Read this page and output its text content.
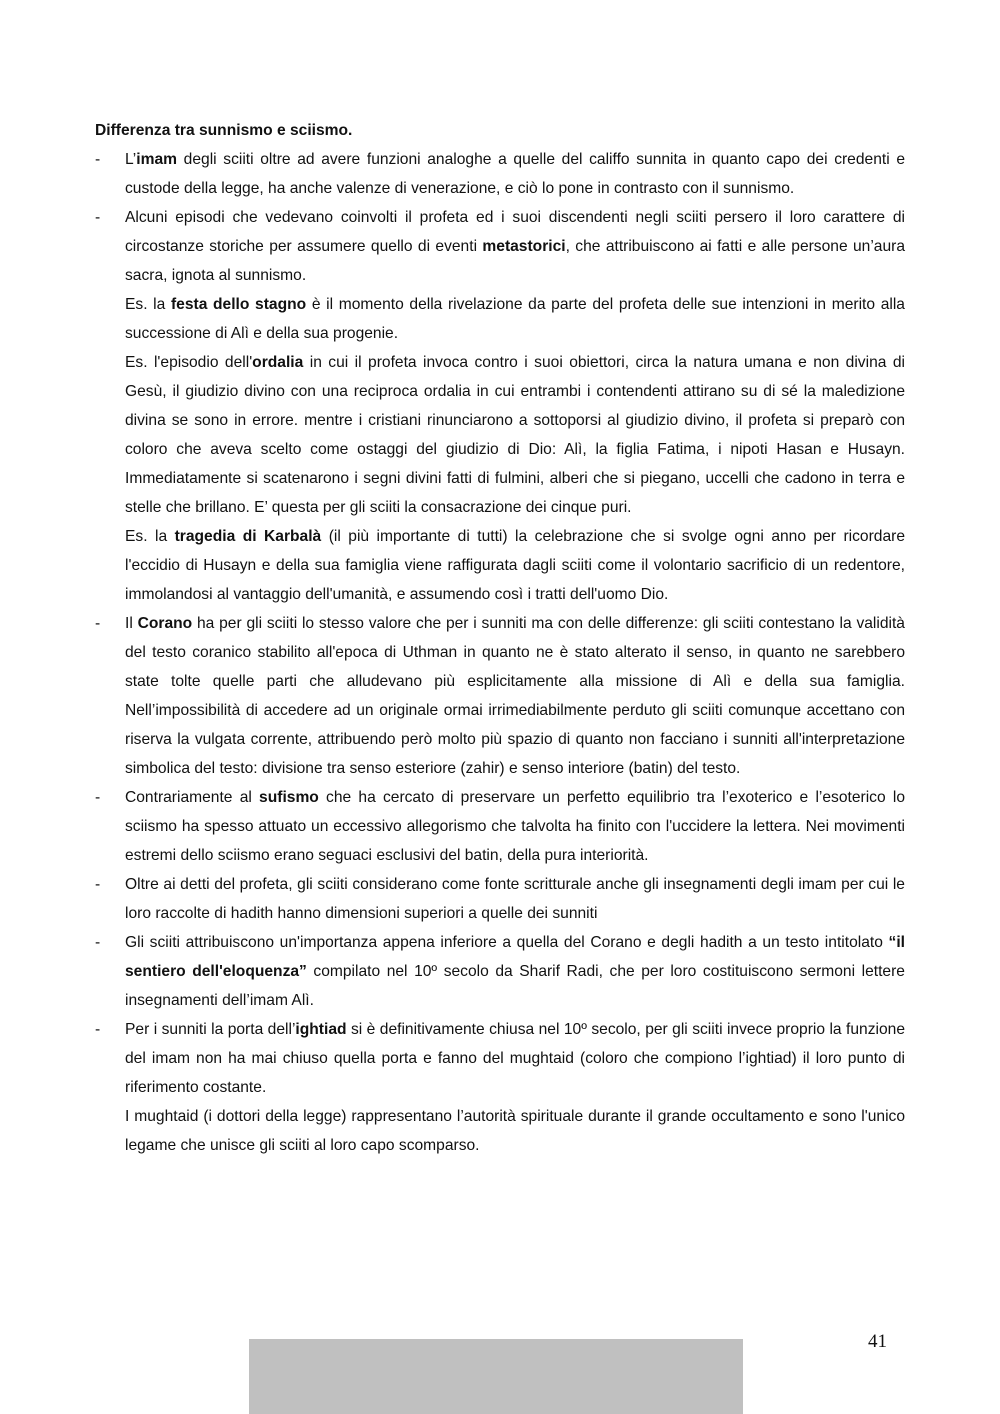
Differenza tra sunnismo e sciismo.

- L’imam degli sciiti oltre ad avere funzioni analoghe a quelle del califfo sunnita in quanto capo dei credenti e custode della legge, ha anche valenze di venerazione, e ciò lo pone in contrasto con il sunnismo.
- Alcuni episodi che vedevano coinvolti il profeta ed i suoi discendenti negli sciiti persero il loro carattere di circostanze storiche per assumere quello di eventi metastorici, che attribuiscono ai fatti e alle persone un’aura sacra, ignota al sunnismo.
Es. la festa dello stagno è il momento della rivelazione da parte del profeta delle sue intenzioni in merito alla successione di Alì e della sua progenie.
Es. l'episodio dell'ordalia in cui il profeta invoca contro i suoi obiettori, circa la natura umana e non divina di Gesù, il giudizio divino con una reciproca ordalia in cui entrambi i contendenti attirano su di sé la maledizione divina se sono in errore. mentre i cristiani rinunciarono a sottoporsi al giudizio divino, il profeta si preparò con coloro che aveva scelto come ostaggi del giudizio di Dio: Alì, la figlia Fatima, i nipoti Hasan e Husayn. Immediatamente si scatenarono i segni divini fatti di fulmini, alberi che si piegano, uccelli che cadono in terra e stelle che brillano. E’ questa per gli sciiti la consacrazione dei cinque puri.
Es. la tragedia di Karbalà (il più importante di tutti) la celebrazione che si svolge ogni anno per ricordare l'eccidio di Husayn e della sua famiglia viene raffigurata dagli sciiti come il volontario sacrificio di un redentore, immolandosi al vantaggio dell'umanità, e assumendo così i tratti dell'uomo Dio.
- Il Corano ha per gli sciiti lo stesso valore che per i sunniti ma con delle differenze: gli sciiti contestano la validità del testo coranico stabilito all'epoca di Uthman in quanto ne è stato alterato il senso, in quanto ne sarebbero state tolte quelle parti che alludevano più esplicitamente alla missione di Alì e della sua famiglia. Nell’impossibilità di accedere ad un originale ormai irrimediabilmente perduto gli sciiti comunque accettano con riserva la vulgata corrente, attribuendo però molto più spazio di quanto non facciano i sunniti all'interpretazione simbolica del testo: divisione tra senso esteriore (zahir) e senso interiore (batin) del testo.
- Contrariamente al sufismo che ha cercato di preservare un perfetto equilibrio tra l’exoterico e l’esoterico lo sciismo ha spesso attuato un eccessivo allegorismo che talvolta ha finito con l'uccidere la lettera. Nei movimenti estremi dello sciismo erano seguaci esclusivi del batin, della pura interiorità.
- Oltre ai detti del profeta, gli sciiti considerano come fonte scritturale anche gli insegnamenti degli imam per cui le loro raccolte di hadith hanno dimensioni superiori a quelle dei sunniti
- Gli sciiti attribuiscono un'importanza appena inferiore a quella del Corano e degli hadith a un testo intitolato “il sentiero dell'eloquenza” compilato nel 10º secolo da Sharif Radi, che per loro costituiscono sermoni lettere insegnamenti dell’imam Alì.
- Per i sunniti la porta dell’ightiad si è definitivamente chiusa nel 10º secolo, per gli sciiti invece proprio la funzione del imam non ha mai chiuso quella porta e fanno del mughtaid (coloro che compiono l’ightiad) il loro punto di riferimento costante.
I mughtaid (i dottori della legge) rappresentano l’autorità spirituale durante il grande occultamento e sono l'unico legame che unisce gli sciiti al loro capo scomparso.
41
